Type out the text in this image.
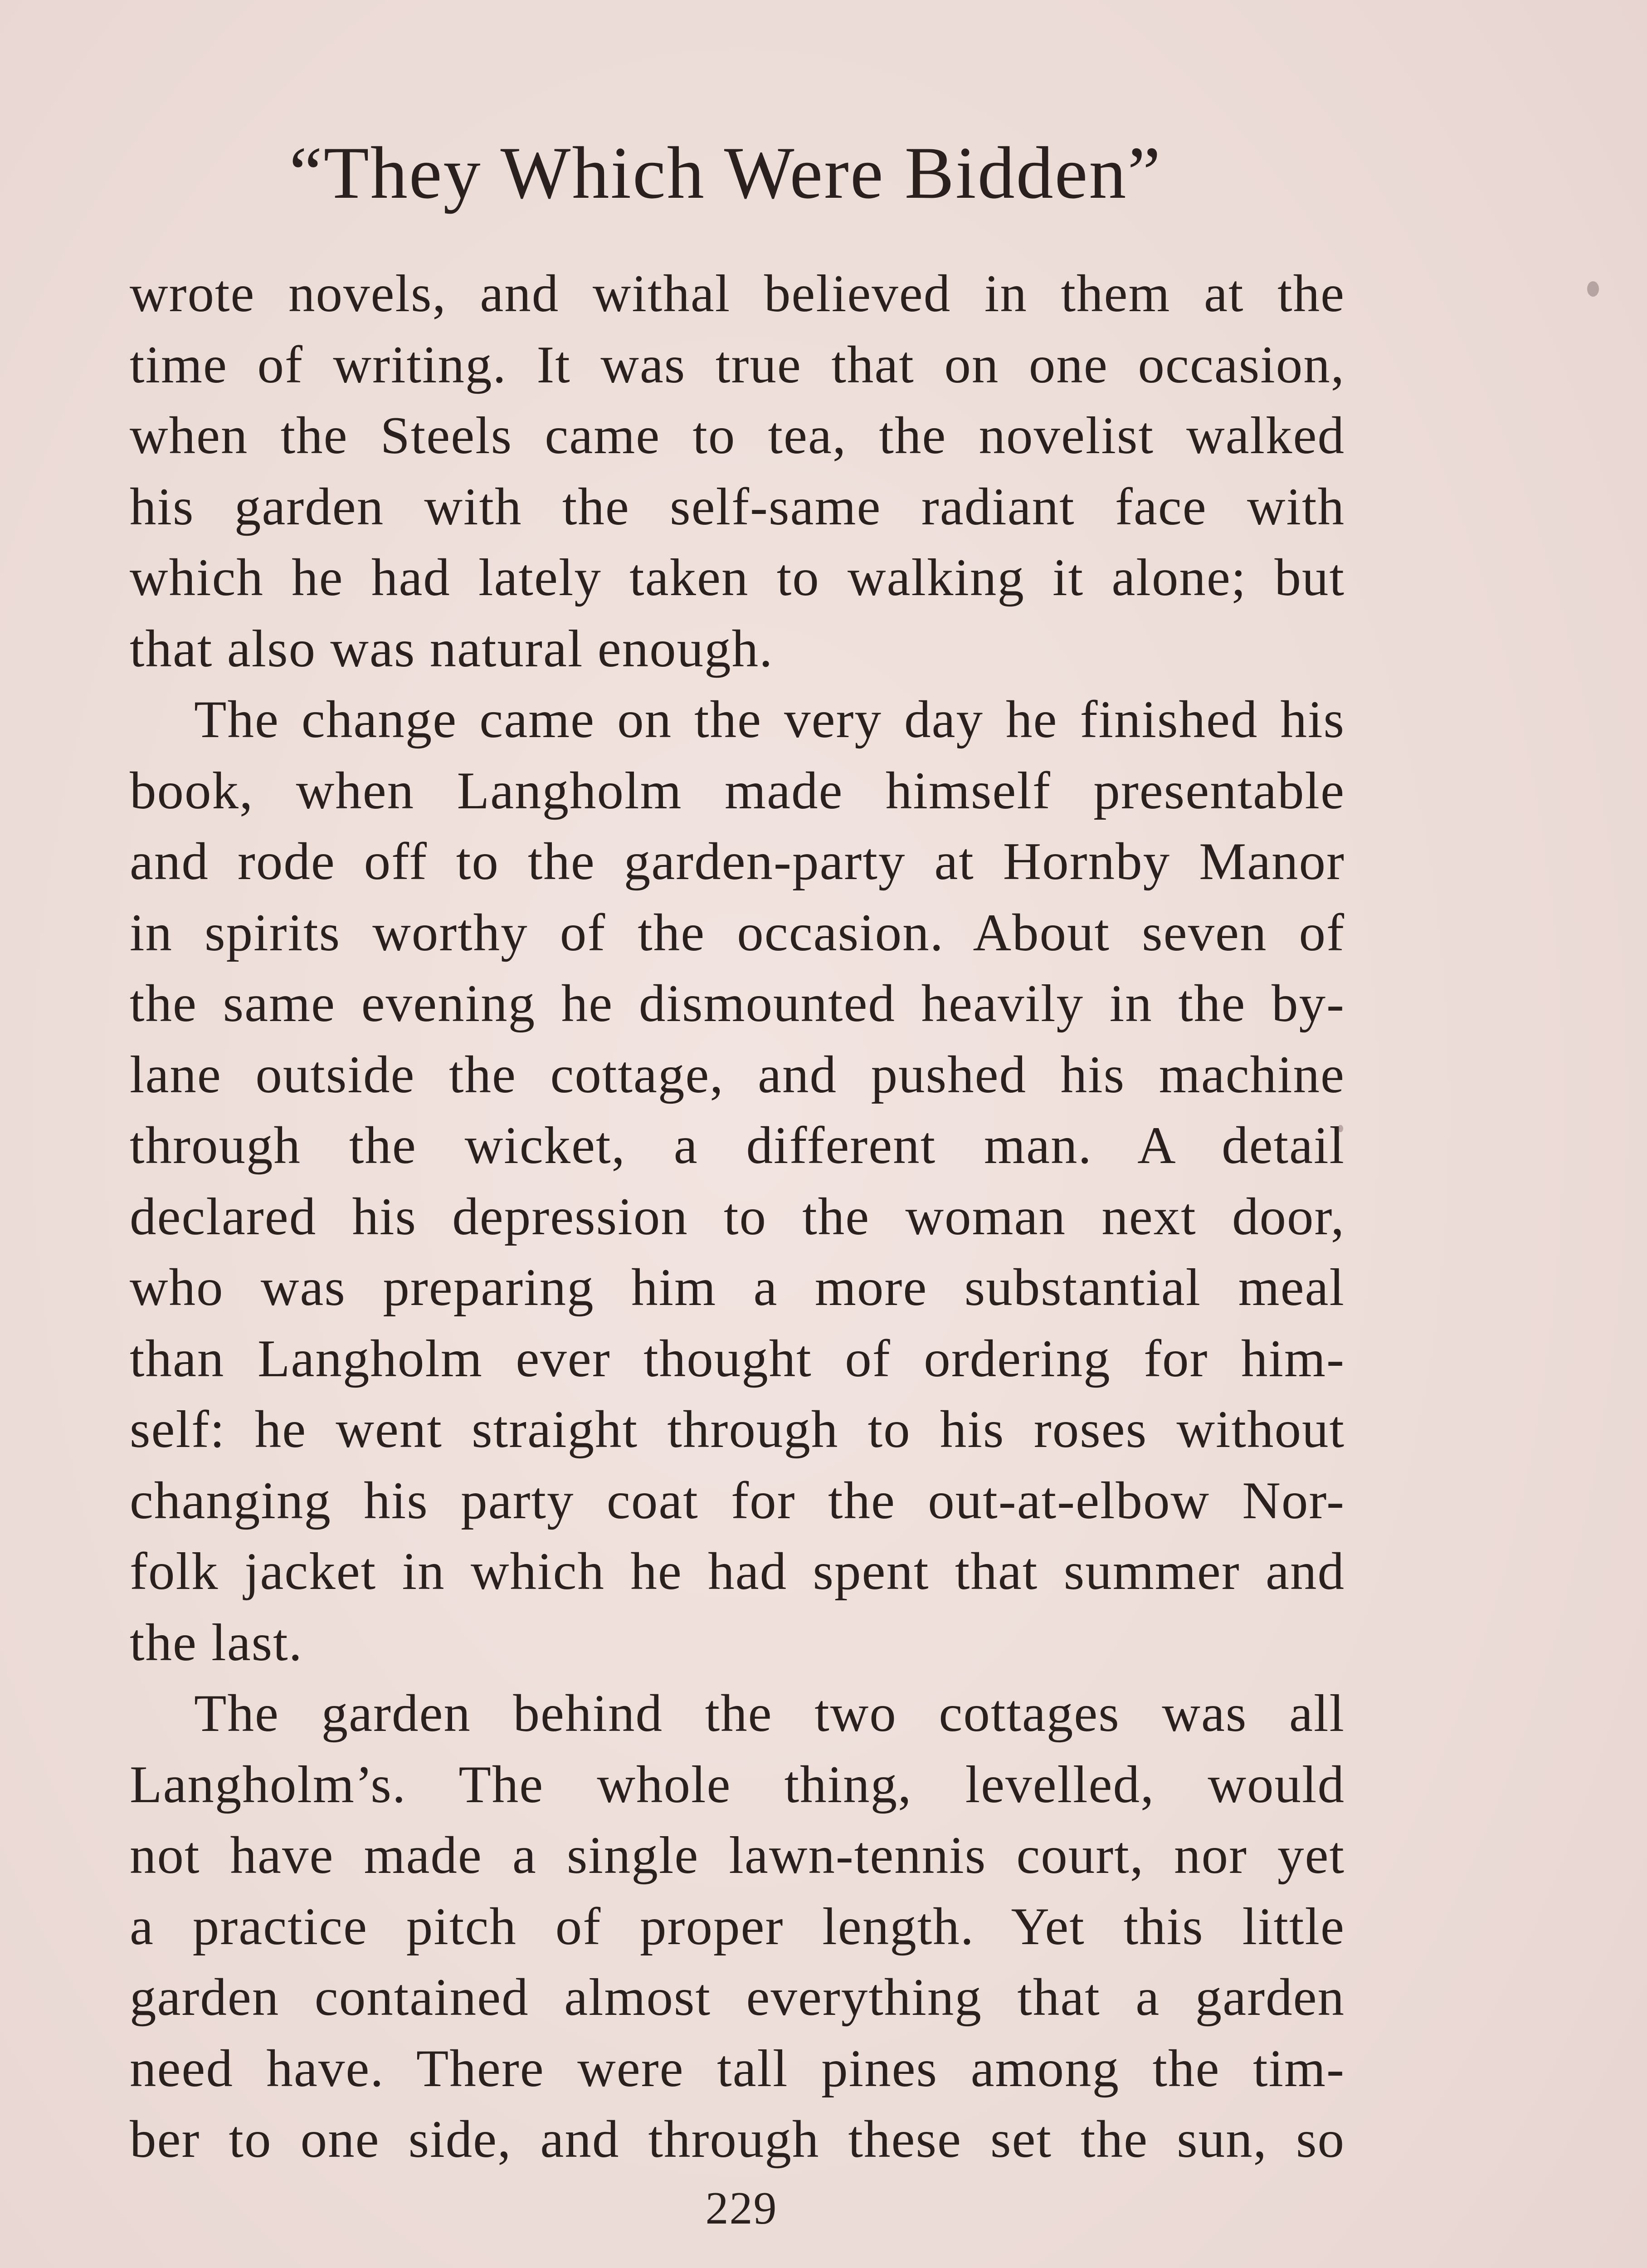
“They Which Were Bidden”

wrote novels, and withal believed in them at the
time of writing. It was true that on one occasion,
when the Steels came to tea, the novelist walked
his garden with the self-same radiant face with
which he had lately taken to walking it alone; but
that also was natural enough.

The change came on the very day he finished his
book, when Langholm made himself presentable
and rode off to the garden-party at Hornby Manor
in spirits worthy of the occasion. About seven of
the same evening he dismounted heavily in the by-
lane outside the cottage, and pushed his machine
through the wicket, a different man. A detail
declared his depression to the woman next door,
who was preparing him a more substantial meal
than Langholm ever thought of ordering for him-
self: he went straight through to his roses without
changing his party coat for the out-at-elbow Nor-
folk jacket in which he had spent that summer and
the last.

The garden behind the two cottages was all
Langholm’s. The whole thing, levelled, would
not have made a single lawn-tennis court, nor yet
a practice pitch of proper length. Yet this little
garden contained almost everything that a garden
need have. There were tall pines among the tim-
ber to one side, and through these set the sun, so

229
